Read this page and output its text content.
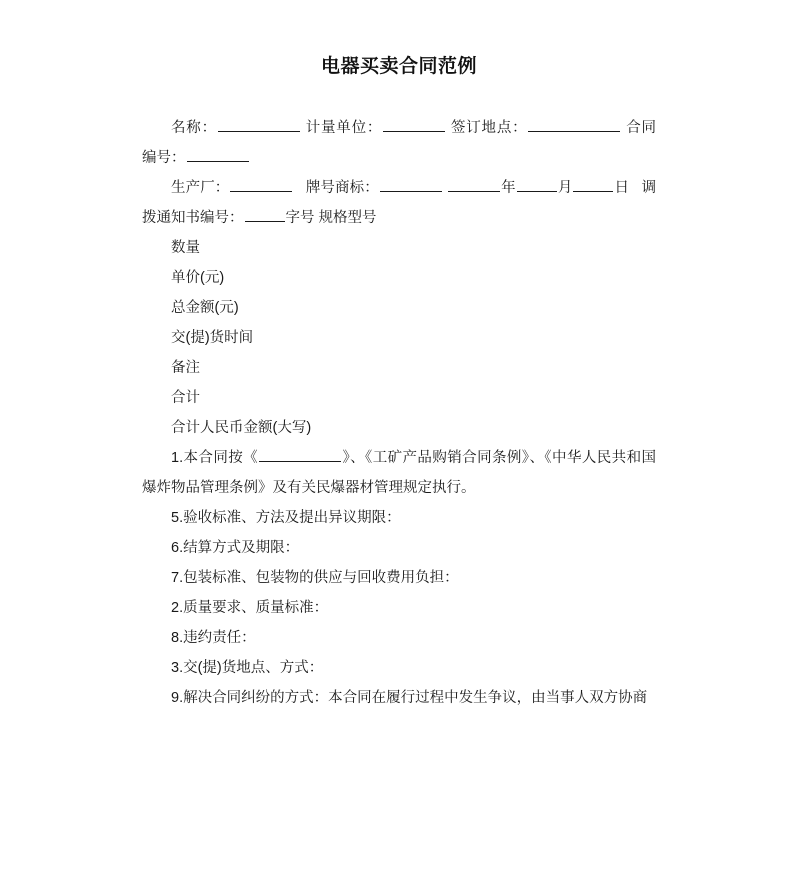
电器买卖合同范例

名称：	计量单位：	签订地点：	合同编号：

生产厂：	牌号商标：	年	月	日 调拨通知书编号：	字号 规格型号

数量

单价(元)

总金额(元)

交(提)货时间

备注

合计

合计人民币金额(大写)

1.本合同按《	》、《工矿产品购销合同条例》、《中华人民共和国爆炸物品管理条例》及有关民爆器材管理规定执行。

5.验收标准、方法及提出异议期限：

6.结算方式及期限：

7.包装标准、包装物的供应与回收费用负担：

2.质量要求、质量标准：

8.违约责任：

3.交(提)货地点、方式：

9.解决合同纠纷的方式：本合同在履行过程中发生争议，由当事人双方协商
